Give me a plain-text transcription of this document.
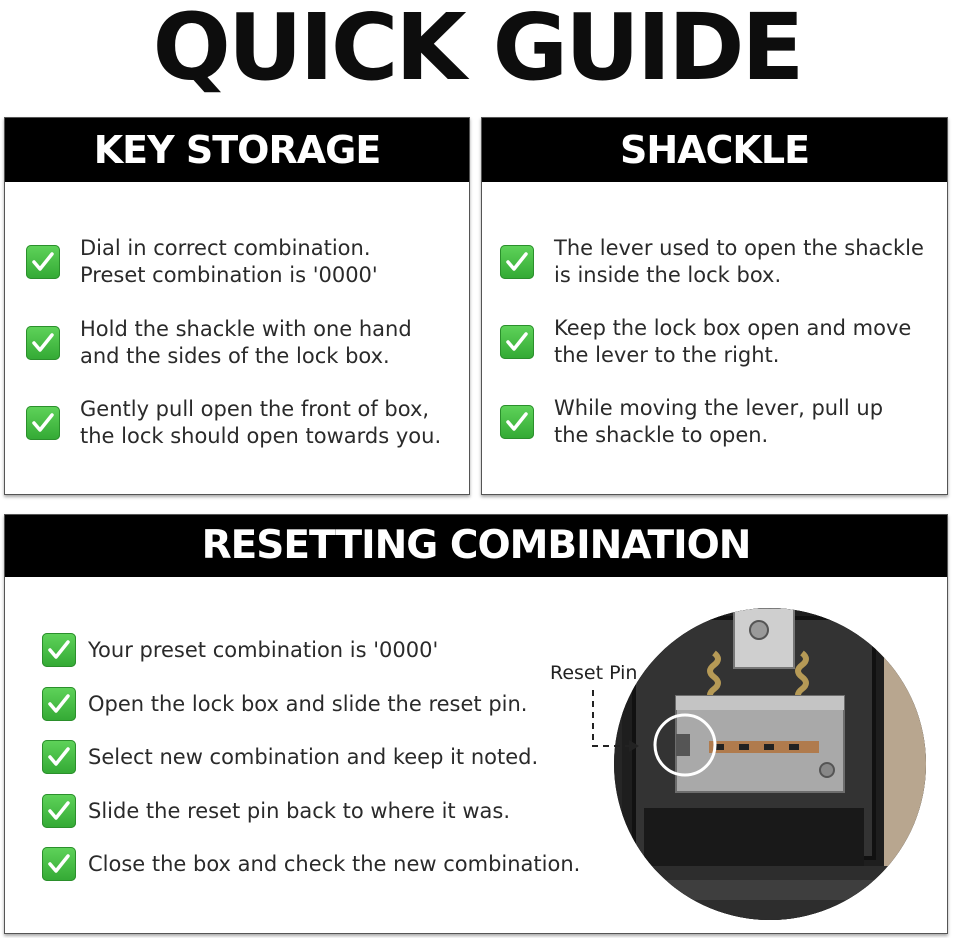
QUICK GUIDE
KEY STORAGE
Dial in correct combination.
Preset combination is '0000'
Hold the shackle with one hand
and the sides of the lock box.
Gently pull open the front of box,
the lock should open towards you.
SHACKLE
The lever used to open the shackle
is inside the lock box.
Keep the lock box open and move
the lever to the right.
While moving the lever, pull up
the shackle to open.
RESETTING COMBINATION
Your preset combination is '0000'
Open the lock box and slide the reset pin.
Select new combination and keep it noted.
Slide the reset pin back to where it was.
Close the box and check the new combination.
Reset Pin
